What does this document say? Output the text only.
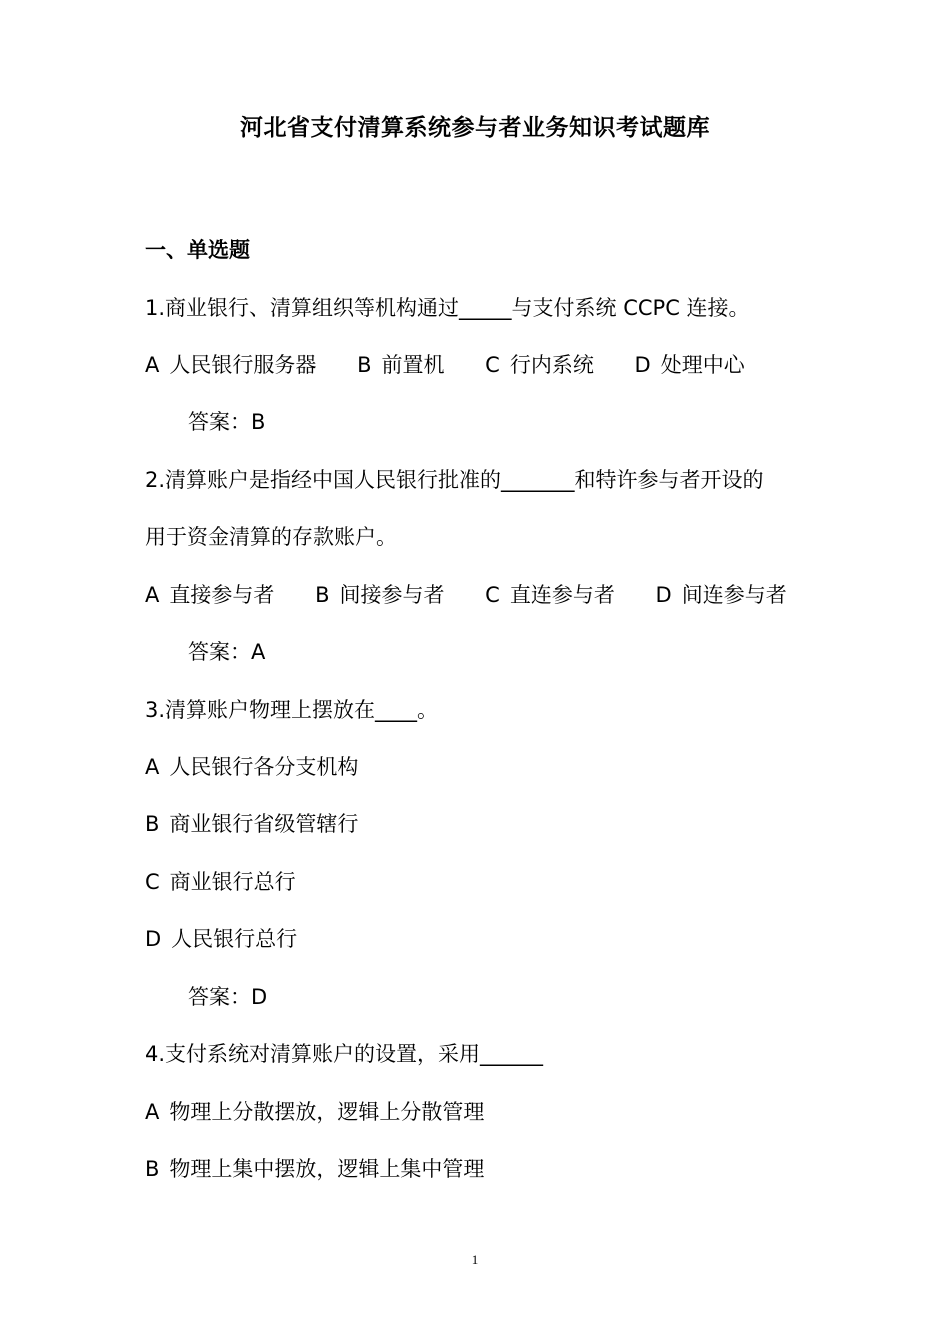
河北省支付清算系统参与者业务知识考试题库
一、单选题
1.商业银行、清算组织等机构通过_____与支付系统 CCPC 连接。
A 人民银行服务器 B 前置机 C 行内系统 D 处理中心
答案：B
2.清算账户是指经中国人民银行批准的_______和特许参与者开设的
用于资金清算的存款账户。
A 直接参与者 B 间接参与者 C 直连参与者 D 间连参与者
答案：A
3.清算账户物理上摆放在____。
A 人民银行各分支机构
B 商业银行省级管辖行
C 商业银行总行
D 人民银行总行
答案：D
4.支付系统对清算账户的设置，采用______
A 物理上分散摆放，逻辑上分散管理
B 物理上集中摆放，逻辑上集中管理
1
